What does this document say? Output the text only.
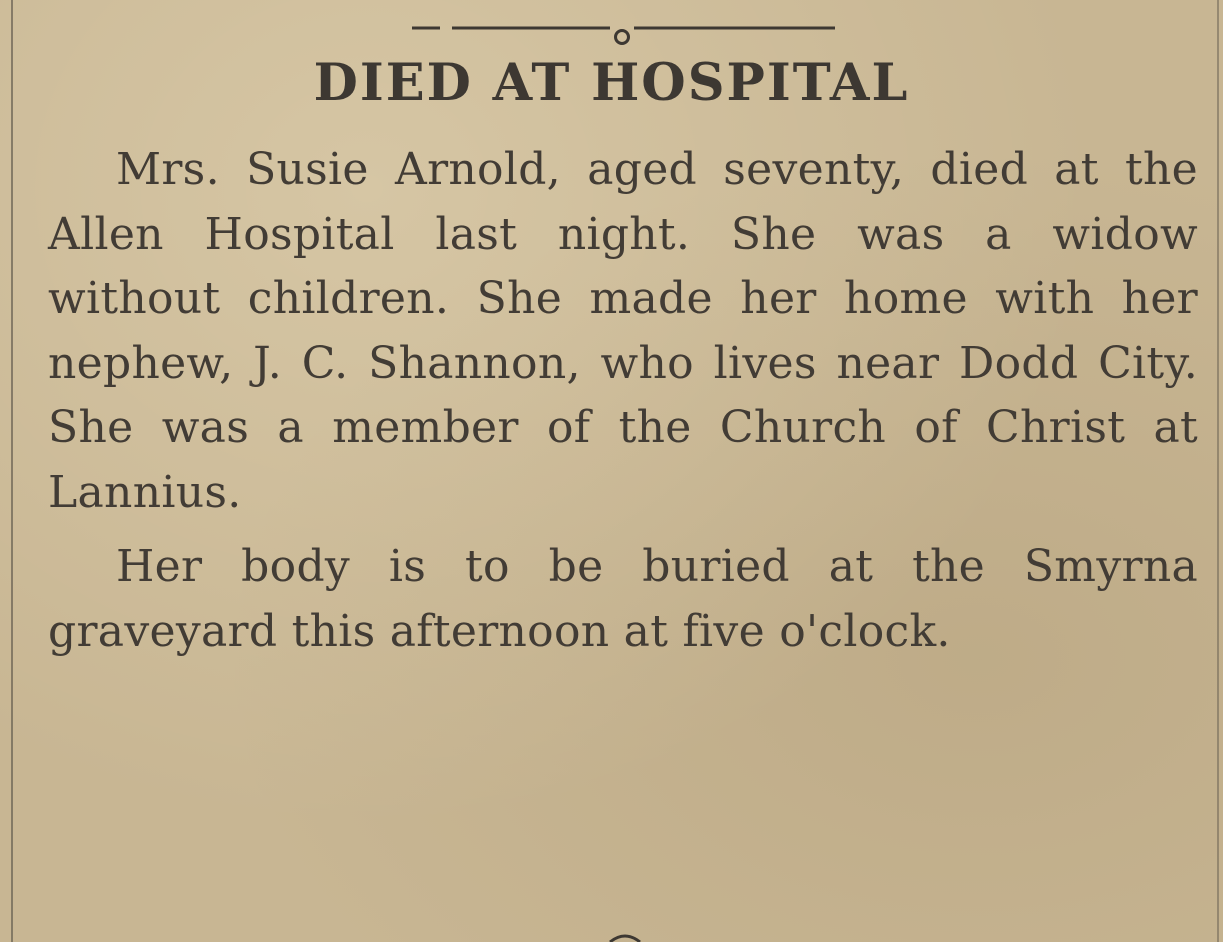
DIED AT HOSPITAL

Mrs. Susie Arnold, aged seventy, died at the Allen Hospital last night. She was a widow without children. She made her home with her nephew, J. C. Shannon, who lives near Dodd City. She was a member of the Church of Christ at Lannius.

Her body is to be buried at the Smyrna graveyard this afternoon at five o'clock.
